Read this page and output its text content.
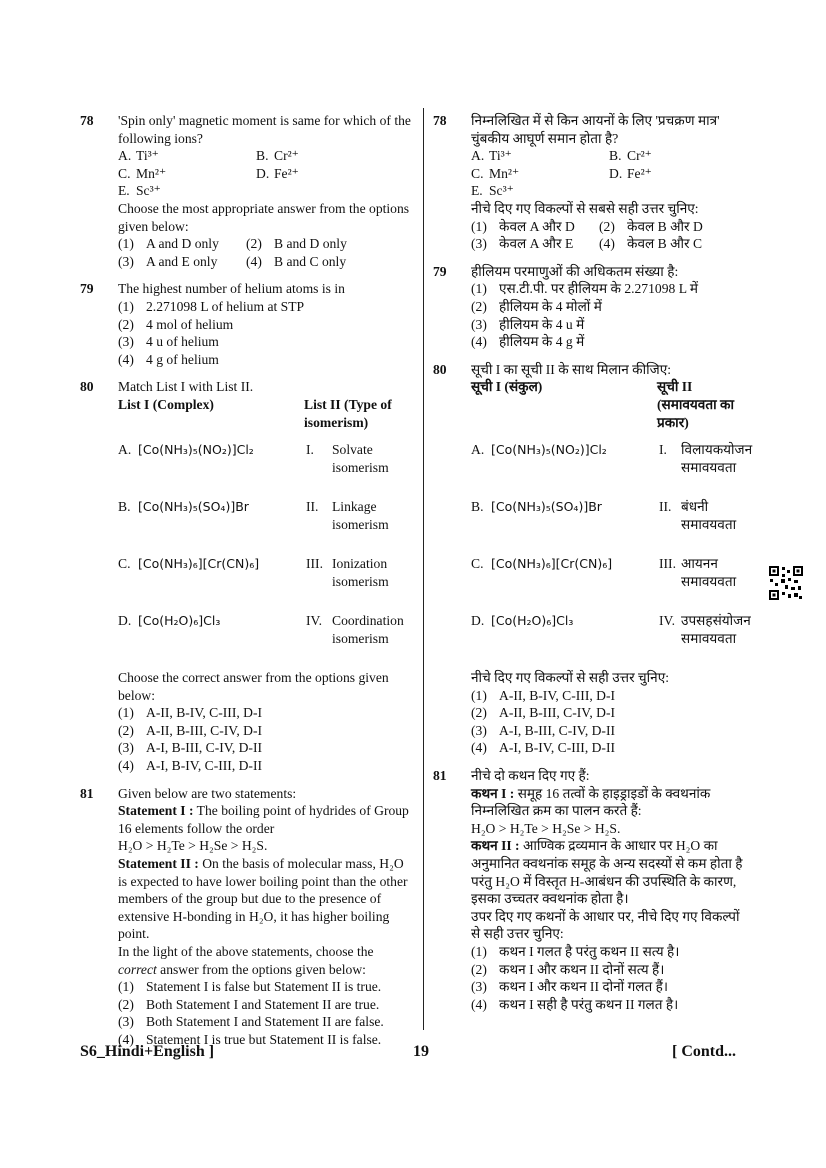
78 'Spin only' magnetic moment is same for which of the following ions?
A. Ti³⁺	B. Cr²⁺
C. Mn²⁺	D. Fe²⁺
E. Sc³⁺
Choose the most appropriate answer from the options given below:
(1) A and D only	(2) B and D only
(3) A and E only	(4) B and C only
79 The highest number of helium atoms is in
(1) 2.271098 L of helium at STP
(2) 4 mol of helium
(3) 4 u of helium
(4) 4 g of helium
80 Match List I with List II.
List I (Complex)	List II (Type of isomerism)
A. [Co(NH₃)₅(NO₂)]Cl₂	I.	Solvate isomerism
B. [Co(NH₃)₅(SO₄)]Br	II. Linkage isomerism
C. [Co(NH₃)₆][Cr(CN)₆]	III. Ionization isomerism
D. [Co(H₂O)₆]Cl₃	IV. Coordination isomerism
Choose the correct answer from the options given below:
(1) A-II, B-IV, C-III, D-I
(2) A-II, B-III, C-IV, D-I
(3) A-I, B-III, C-IV, D-II
(4) A-I, B-IV, C-III, D-II
81 Given below are two statements:
Statement I : The boiling point of hydrides of Group 16 elements follow the order
H₂O > H₂Te > H₂Se > H₂S.
Statement II : On the basis of molecular mass, H₂O is expected to have lower boiling point than the other members of the group but due to the presence of extensive H-bonding in H₂O, it has higher boiling point.
In the light of the above statements, choose the correct answer from the options given below:
(1) Statement I is false but Statement II is true.
(2) Both Statement I and Statement II are true.
(3) Both Statement I and Statement II are false.
(4) Statement I is true but Statement II is false.
78 निम्नलिखित में से किन आयनों के लिए 'प्रचक्रण मात्र' चुंबकीय आघूर्ण समान होता है?
A. Ti³⁺	B. Cr²⁺
C. Mn²⁺	D. Fe²⁺
E. Sc³⁺
नीचे दिए गए विकल्पों से सबसे सही उत्तर चुनिए:
(1) केवल A और D	(2) केवल B और D
(3) केवल A और E	(4) केवल B और C
79 हीलियम परमाणुओं की अधिकतम संख्या है:
(1) एस.टी.पी. पर हीलियम के 2.271098 L में
(2) हीलियम के 4 मोलों में
(3) हीलियम के 4 u में
(4) हीलियम के 4 g में
80 सूची I का सूची II के साथ मिलान कीजिए:
सूची I (संकुल)	सूची II (समावयवता का प्रकार)
A. [Co(NH₃)₅(NO₂)]Cl₂	I.	विलायकयोजन समावयवता
B. [Co(NH₃)₅(SO₄)]Br	II. बंधनी समावयवता
C. [Co(NH₃)₆][Cr(CN)₆]	III. आयनन समावयवता
D. [Co(H₂O)₆]Cl₃	IV. उपसहसंयोजन समावयवता
नीचे दिए गए विकल्पों से सही उत्तर चुनिए:
(1) A-II, B-IV, C-III, D-I
(2) A-II, B-III, C-IV, D-I
(3) A-I, B-III, C-IV, D-II
(4) A-I, B-IV, C-III, D-II
81 नीचे दो कथन दिए गए हैं:
कथन I : समूह 16 तत्वों के हाइड्राइडों के क्वथनांक निम्नलिखित क्रम का पालन करते हैं:
H₂O > H₂Te > H₂Se > H₂S.
कथन II : आण्विक द्रव्यमान के आधार पर H₂O का अनुमानित क्वथनांक समूह के अन्य सदस्यों से कम होता है परंतु H₂O में विस्तृत H-आबंधन की उपस्थिति के कारण, इसका उच्चतर क्वथनांक होता है।
उपर दिए गए कथनों के आधार पर, नीचे दिए गए विकल्पों से सही उत्तर चुनिए:
(1) कथन I गलत है परंतु कथन II सत्य है।
(2) कथन I और कथन II दोनों सत्य हैं।
(3) कथन I और कथन II दोनों गलत हैं।
(4) कथन I सही है परंतु कथन II गलत है।
S6_Hindi+English ]	19	[ Contd...
